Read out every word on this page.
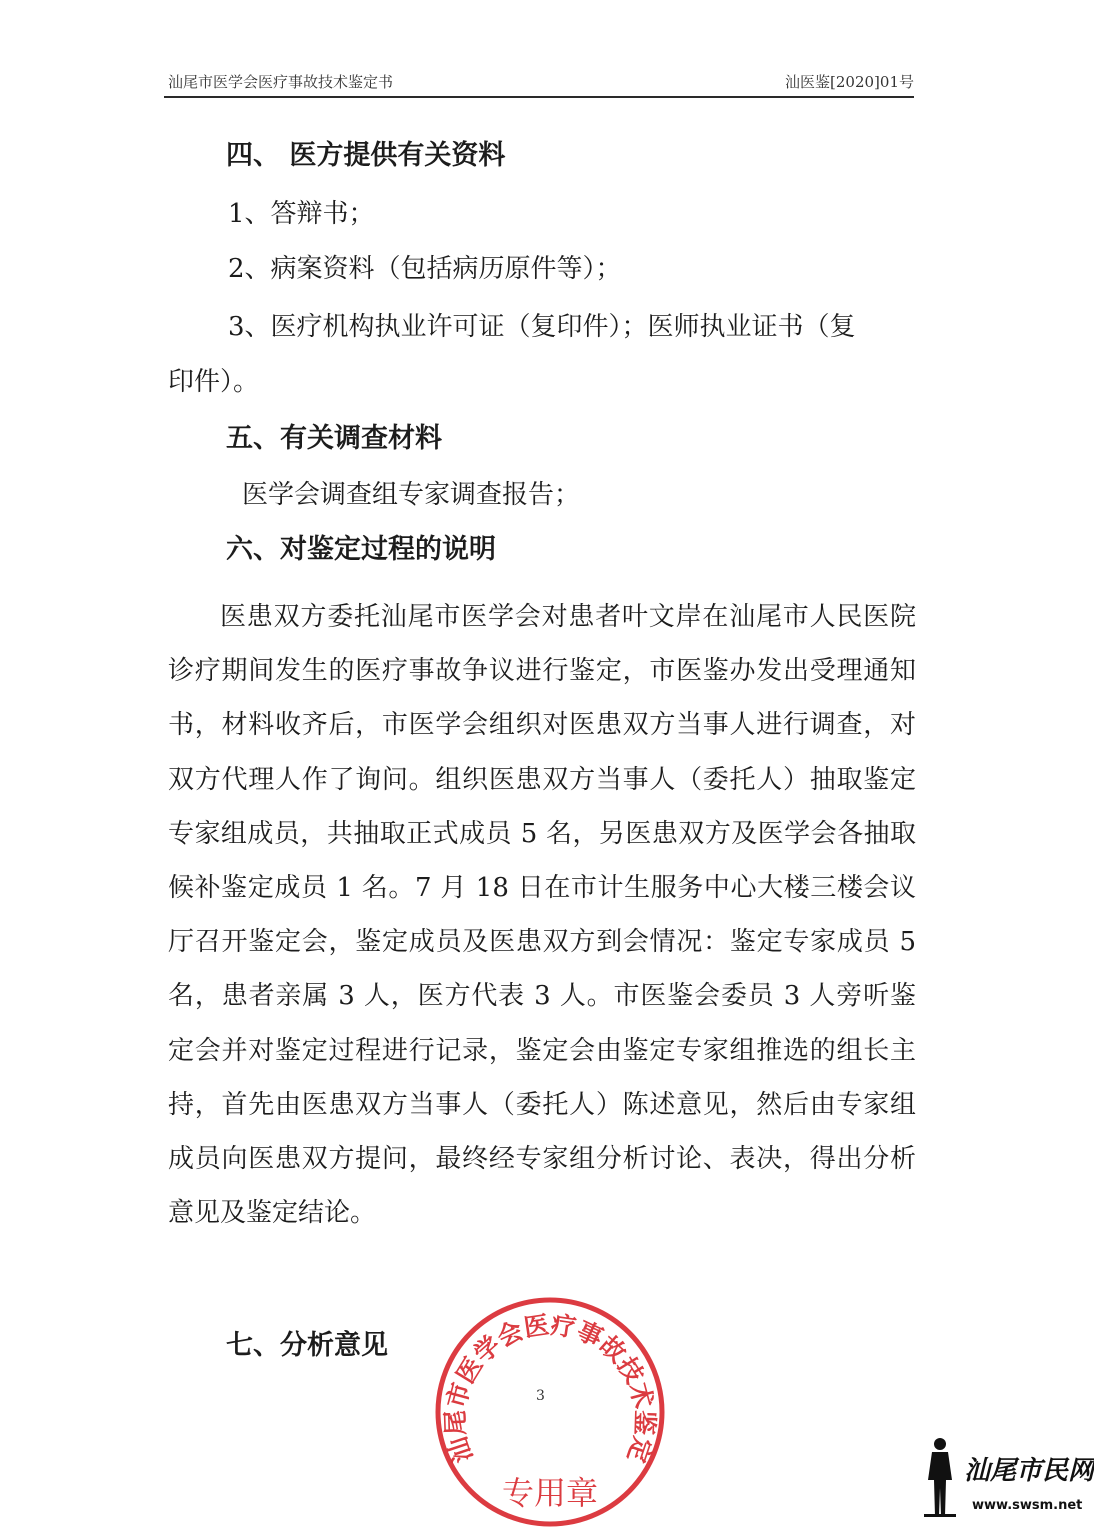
汕尾市医学会医疗事故技术鉴定书	汕医鉴[2020]01号
四、 医方提供有关资料
1、答辩书；
2、病案资料（包括病历原件等）；
3、医疗机构执业许可证（复印件）；医师执业证书（复
印件）。
五、有关调查材料
医学会调查组专家调查报告；
六、对鉴定过程的说明
医患双方委托汕尾市医学会对患者叶文岸在汕尾市人民医院诊疗期间发生的医疗事故争议进行鉴定，市医鉴办发出受理通知书，材料收齐后，市医学会组织对医患双方当事人进行调查，对双方代理人作了询问。组织医患双方当事人（委托人）抽取鉴定专家组成员，共抽取正式成员 5 名，另医患双方及医学会各抽取候补鉴定成员 1 名。7 月 18 日在市计生服务中心大楼三楼会议厅召开鉴定会，鉴定成员及医患双方到会情况：鉴定专家成员 5 名，患者亲属 3 人，医方代表 3 人。市医鉴会委员 3 人旁听鉴定会并对鉴定过程进行记录，鉴定会由鉴定专家组推选的组长主持，首先由医患双方当事人（委托人）陈述意见，然后由专家组成员向医患双方提问，最终经专家组分析讨论、表决，得出分析意见及鉴定结论。
七、分析意见
汕尾市医学会医疗事故技术鉴定
专用章
3
汕尾市民网
www.swsm.net
